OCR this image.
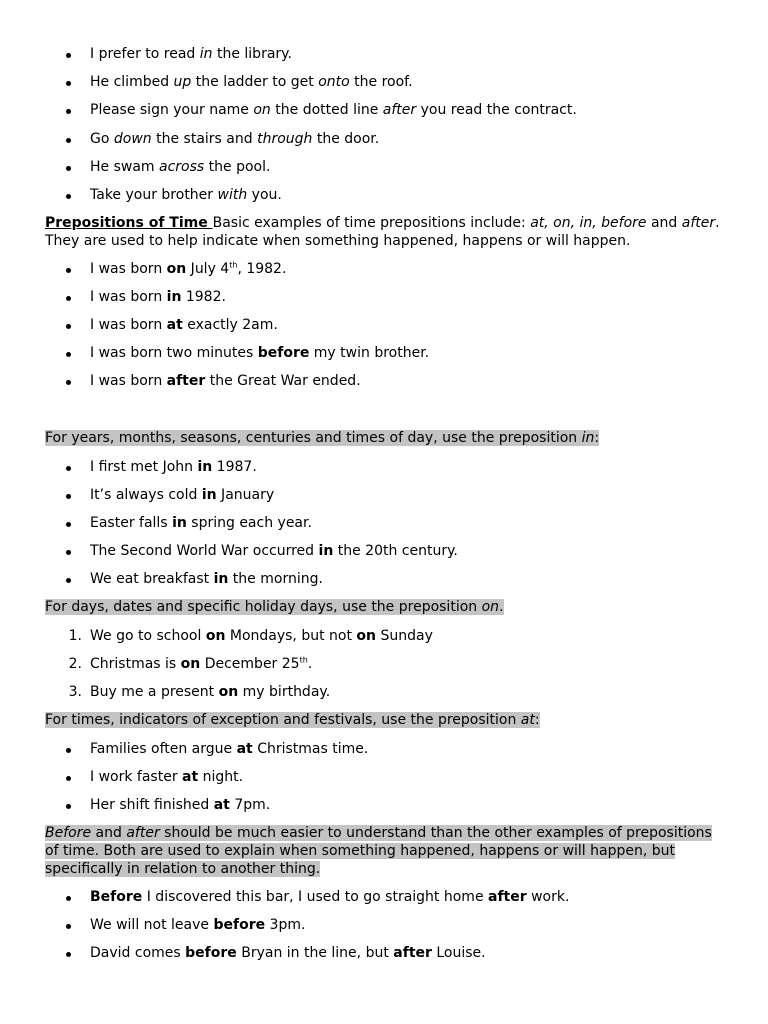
I prefer to read in the library.
He climbed up the ladder to get onto the roof.
Please sign your name on the dotted line after you read the contract.
Go down the stairs and through the door.
He swam across the pool.
Take your brother with you.
Prepositions of Time Basic examples of time prepositions include: at, on, in, before and after. They are used to help indicate when something happened, happens or will happen.
I was born on July 4th, 1982.
I was born in 1982.
I was born at exactly 2am.
I was born two minutes before my twin brother.
I was born after the Great War ended.
For years, months, seasons, centuries and times of day, use the preposition in:
I first met John in 1987.
It’s always cold in January
Easter falls in spring each year.
The Second World War occurred in the 20th century.
We eat breakfast in the morning.
For days, dates and specific holiday days, use the preposition on.
1. We go to school on Mondays, but not on Sunday
2. Christmas is on December 25th.
3. Buy me a present on my birthday.
For times, indicators of exception and festivals, use the preposition at:
Families often argue at Christmas time.
I work faster at night.
Her shift finished at 7pm.
Before and after should be much easier to understand than the other examples of prepositions of time. Both are used to explain when something happened, happens or will happen, but specifically in relation to another thing.
Before I discovered this bar, I used to go straight home after work.
We will not leave before 3pm.
David comes before Bryan in the line, but after Louise.
